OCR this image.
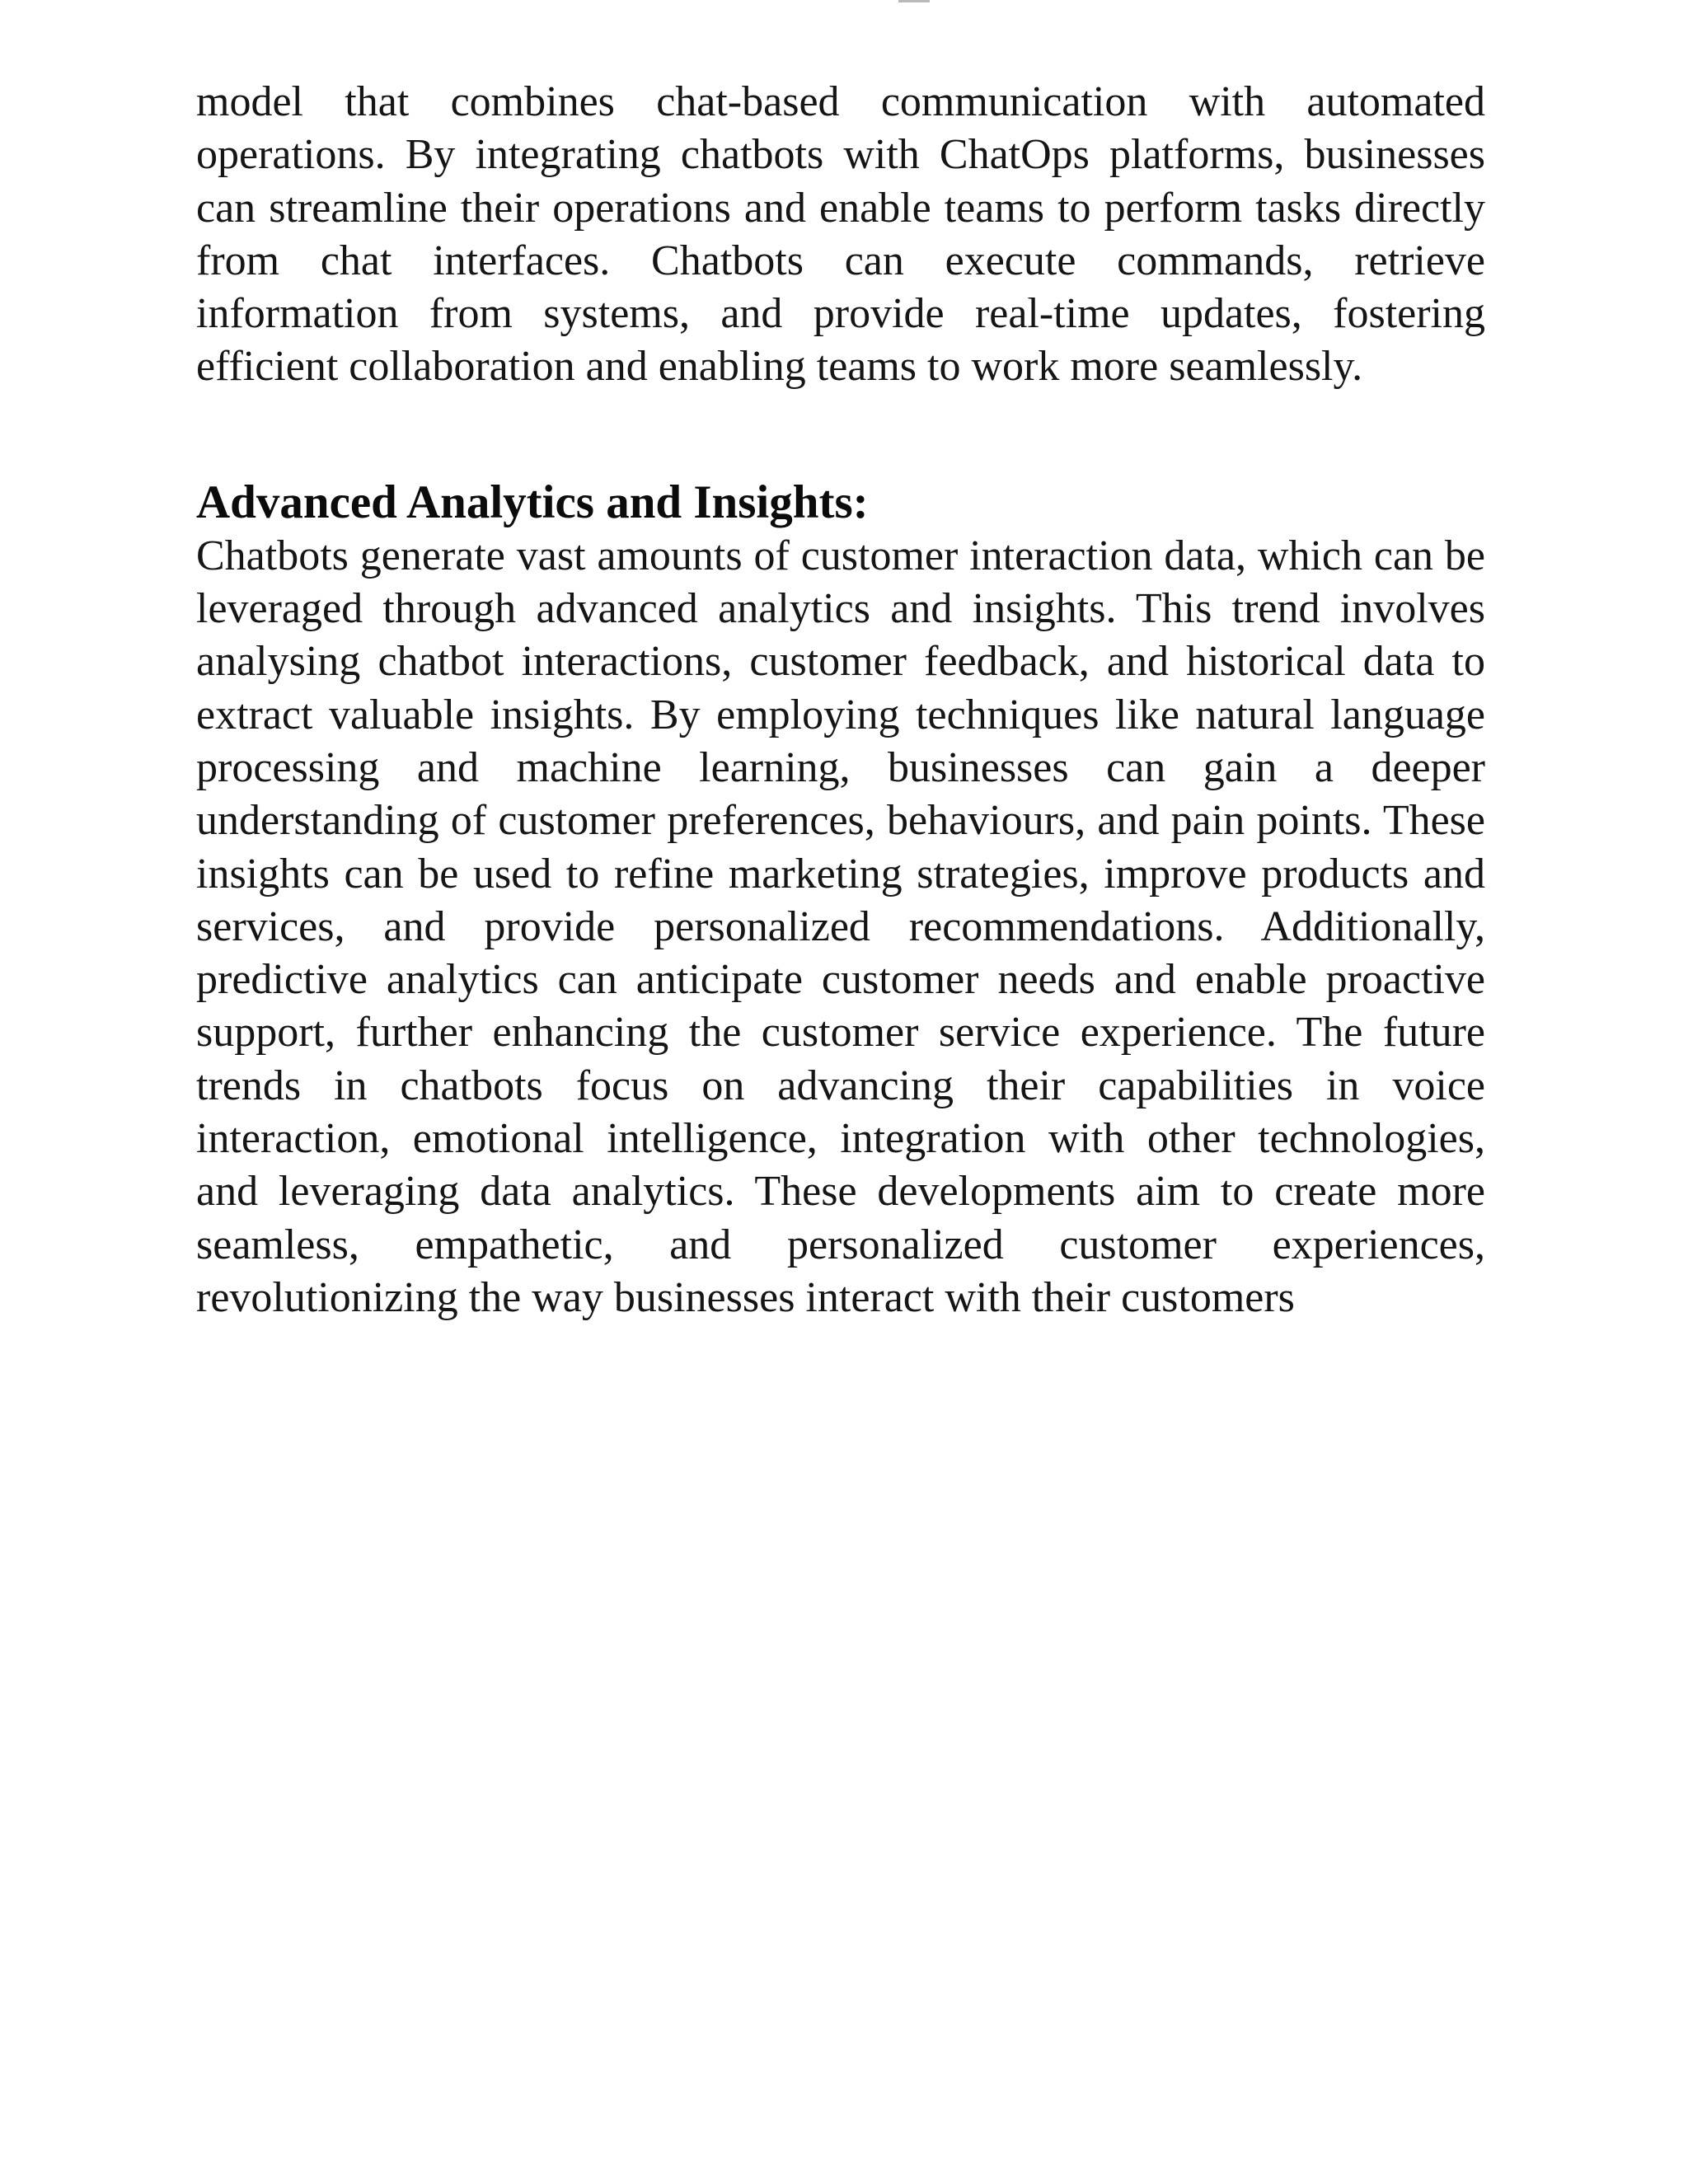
model that combines chat-based communication with automated operations. By integrating chatbots with ChatOps platforms, businesses can streamline their operations and enable teams to perform tasks directly from chat interfaces. Chatbots can execute commands, retrieve information from systems, and provide real-time updates, fostering efficient collaboration and enabling teams to work more seamlessly.

Advanced Analytics and Insights:

Chatbots generate vast amounts of customer interaction data, which can be leveraged through advanced analytics and insights. This trend involves analysing chatbot interactions, customer feedback, and historical data to extract valuable insights. By employing techniques like natural language processing and machine learning, businesses can gain a deeper understanding of customer preferences, behaviours, and pain points. These insights can be used to refine marketing strategies, improve products and services, and provide personalized recommendations. Additionally, predictive analytics can anticipate customer needs and enable proactive support, further enhancing the customer service experience. The future trends in chatbots focus on advancing their capabilities in voice interaction, emotional intelligence, integration with other technologies, and leveraging data analytics. These developments aim to create more seamless, empathetic, and personalized customer experiences, revolutionizing the way businesses interact with their customers
